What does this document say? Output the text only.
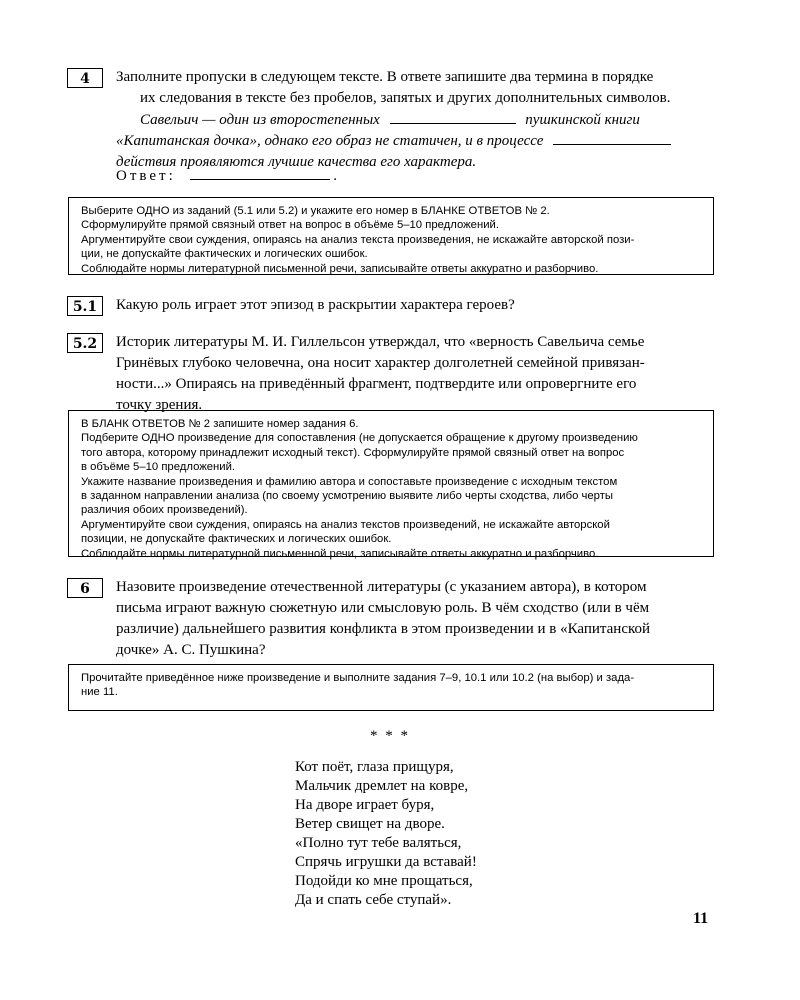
4	Заполните пропуски в следующем тексте. В ответе запишите два термина в порядке
их следования в тексте без пробелов, запятых и других дополнительных символов.
Савельич — один из второстепенных	пушкинской книги
«Капитанская дочка», однако его образ не статичен, и в процессе
действия проявляются лучшие качества его характера.
Ответ:	.
Выберите ОДНО из заданий (5.1 или 5.2) и укажите его номер в БЛАНКЕ ОТВЕТОВ № 2.
Сформулируйте прямой связный ответ на вопрос в объёме 5–10 предложений.
Аргументируйте свои суждения, опираясь на анализ текста произведения, не искажайте авторской пози-
ции, не допускайте фактических и логических ошибок.
Соблюдайте нормы литературной письменной речи, записывайте ответы аккуратно и разборчиво.
5.1	Какую роль играет этот эпизод в раскрытии характера героев?
5.2	Историк литературы М. И. Гиллельсон утверждал, что «верность Савельича семье
Гринёвых глубоко человечна, она носит характер долголетней семейной привязан-
ности...» Опираясь на приведённый фрагмент, подтвердите или опровергните его
точку зрения.
В БЛАНК ОТВЕТОВ № 2 запишите номер задания 6.
Подберите ОДНО произведение для сопоставления (не допускается обращение к другому произведению
того автора, которому принадлежит исходный текст). Сформулируйте прямой связный ответ на вопрос
в объёме 5–10 предложений.
Укажите название произведения и фамилию автора и сопоставьте произведение с исходным текстом
в заданном направлении анализа (по своему усмотрению выявите либо черты сходства, либо черты
различия обоих произведений).
Аргументируйте свои суждения, опираясь на анализ текстов произведений, не искажайте авторской
позиции, не допускайте фактических и логических ошибок.
Соблюдайте нормы литературной письменной речи, записывайте ответы аккуратно и разборчиво.
6	Назовите произведение отечественной литературы (с указанием автора), в котором
письма играют важную сюжетную или смысловую роль. В чём сходство (или в чём
различие) дальнейшего развития конфликта в этом произведении и в «Капитанской
дочке» А. С. Пушкина?
Прочитайте приведённое ниже произведение и выполните задания 7–9, 10.1 или 10.2 (на выбор) и зада-
ние 11.
* * *
Кот поёт, глаза прищуря,
Мальчик дремлет на ковре,
На дворе играет буря,
Ветер свищет на дворе.
«Полно тут тебе валяться,
Спрячь игрушки да вставай!
Подойди ко мне прощаться,
Да и спать себе ступай».
11
